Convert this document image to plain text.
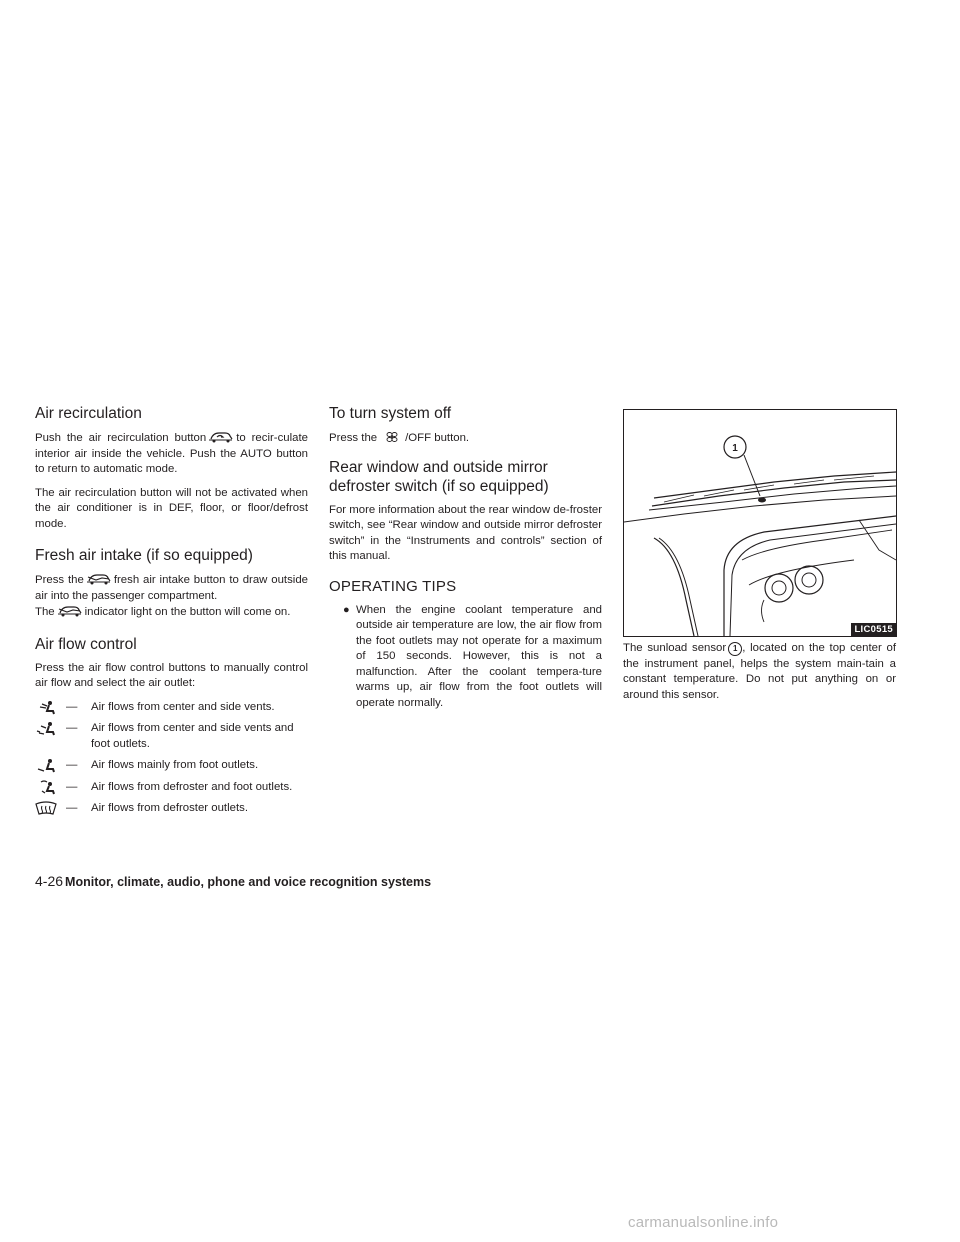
Air recirculation

Push the air recirculation button	to recir-culate interior air inside the vehicle. Push the AUTO button to return to automatic mode.

The air recirculation button will not be activated when the air conditioner is in DEF, floor, or floor/defrost mode.

Fresh air intake (if so equipped)

Press the	fresh air intake button to draw outside air into the passenger compartment.
The	indicator light on the button will come on.

Air flow control

Press the air flow control buttons to manually control air flow and select the air outlet:

— Air flows from center and side vents.
— Air flows from center and side vents and foot outlets.
— Air flows mainly from foot outlets.
— Air flows from defroster and foot outlets.
— Air flows from defroster outlets.
To turn system off

Press the /OFF button.

Rear window and outside mirror defroster switch (if so equipped)

For more information about the rear window de-froster switch, see “Rear window and outside mirror defroster switch” in the “Instruments and controls” section of this manual.

OPERATING TIPS

● When the engine coolant temperature and outside air temperature are low, the air flow from the foot outlets may not operate for a maximum of 150 seconds. However, this is not a malfunction. After the coolant tempera-ture warms up, air flow from the foot outlets will operate normally.

1
LIC0515

The sunload sensor 1 , located on the top center of the instrument panel, helps the system main-tain a constant temperature. Do not put anything on or around this sensor.

4-26 Monitor, climate, audio, phone and voice recognition systems
carmanualsonline.info
